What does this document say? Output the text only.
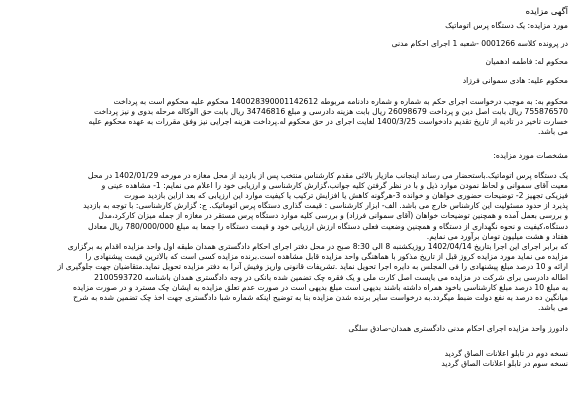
آگهی مزایده
مورد مزایده: یک دستگاه پرس اتوماتیک
در پرونده کلاسه 0001266 -شعبه 1 اجرای احکام مدنی
محکوم له: فاطمه ادهمیان
محکوم علیه: هادی سموانی فرزاد
محکوم به: به موجب درخواست اجرای حکم به شماره و شماره دادنامه مربوطه 1400283900011426​12 محکوم علیه محکوم است به پرداخت
755876570 ریال بابت اصل دین و پرداخت 26098679 ریال بابت هزینه دادرسی و مبلغ 34746816 ریال بابت حق الوکاله مرحله بدوی و نیز پرداخت
خسارت تاخیر در تادیه از تاریخ تقدیم دادخواست 1400/3/25 لغایت اجرای در حق محکوم له.پرداخت هزینه اجرایی نیز وفق مقررات به عهده محکوم علیه
می باشد.
مشخصات مورد مزایده:
یک دستگاه پرس اتوماتیک.باستحضار می رساند اینجانب مازیار بالائی مقدم کارشناس منتخب پس از بازدید از محل مغازه در مورخه 1402/01/29 در محل
معیت آقای سموانی و لحاظ نمودن موارد ذیل و با در نظر گرفتن کلیه جوانب،گزارش کارشناسی و ارزیابی خود را اعلام می نمایم: 1- مشاهده عینی و
فیزیکی تجهیز 2- توضیحات حضوری خواهان و خوانده 3-هرگونه کاهش یا افزایش ترکیب یا کیفیت موارد این ارزیابی که بعد ازاین بازدید صورت
پذیرد از حدود مسئولیت این کارشناس خارج می باشد. الف- ابزار کارشناسی : قیمت گذاری دستگاه پرس اتوماتیک. ج: گزارش کارشناسی: با توجه به بازدید
و بررسی بعمل آمده و همچنین توضیحات خواهان (آقای سموانی فرزاد) و بررسی کلیه موارد دستگاه پرس مستقر در مغازه از جمله میزان کارکرد،مدل
دستگاه،کیفیت و نحوه نگهداری از دستگاه و همچنین وضعیت فعلی دستگاه ارزش ارزیابی خود و قیمت دستگاه را جمعا به مبلغ 780/000/000 ریال معادل
هفتاد و هشت میلیون تومان برآورد می نمایم.
که برابر اجرای این اجرا بتاریخ 1402/04/14 روزیکشنبه 8 الی 8:30 صبح در محل دفتر اجرای احکام دادگستری همدان طبقه اول واحد مزایده اقدام به برگزاری
مزایده می نماید مورد مزایده کروز قبل از تاریخ مذکور با هماهنگی واحد مزایده قابل مشاهده است.برنده مزایده کسی است که بالاترین قیمت پیشنهادی را
ارائه و 10 درصد مبلغ پیشنهادی را فی المجلس به دایره اجرا تحویل نماید .تشریفات قانونی واریز وفیش آنرا به دفتر مزایده تحویل نماید.متقاضیان جهت جلوگیری از
اطاله دادرسی برای شرکت در مزایده می بایست اصل کارت ملی و یک فقره چک تضمین شده بانکی در وجه دادگستری همدان باشناسه 2100593720
به مبلغ 10 درصد مبلغ کارشناسی باخود همراه داشته باشند بدیهی است مبلغ بدیهی است در صورت عدم تعلق مزایده به ایشان چک مسترد و در صورت مزایده
میانگین ده درصد به نفع دولت ضبط میگردد.به درخواست سایر برنده شدن مزایده بنا به توضیح اینکه شماره شبا دادگستری جهت اخذ چک تضمین شده به شرح
می باشد.
دادورز واحد مزایده اجرای احکام مدنی دادگستری همدان-صادق سلگی
نسخه دوم در تابلو اعلانات الصاق گردید
نسخه سوم در تابلو اعلانات الصاق گردید
